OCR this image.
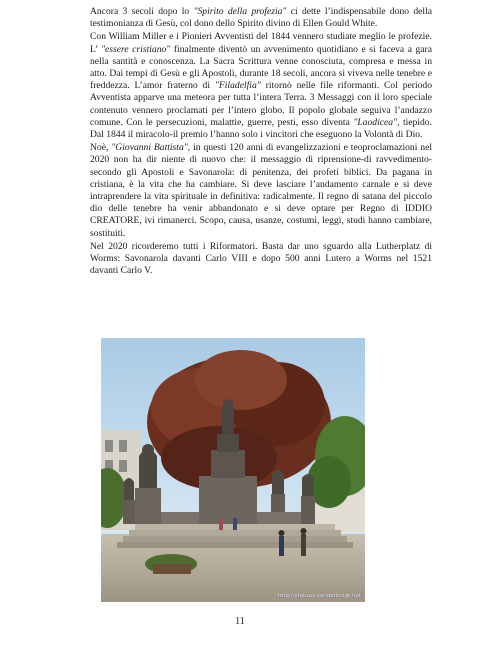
Ancora 3 secoli dopo lo "Spirito della profezia" ci dette l’indispensabile dono della testimonianza di Gesù, col dono dello Spirito divino di Ellen Gould White.

Con William Miller e i Pionieri Avventisti del 1844 vennero studiate meglio le profezie. L’ "essere cristiano" finalmente diventò un avvenimento quotidiano e si faceva a gara nella santità e conoscenza. La Sacra Scrittura venne conosciuta, compresa e messa in atto. Dai tempi di Gesù e gli Apostoli, durante 18 secoli, ancora si viveva nelle tenebre e freddezza. L’amor fraterno di "Filadelfia" ritornò nelle file riformanti. Col periodo Avventista apparve una meteora per tutta l’intera Terra. 3 Messaggi con il loro speciale contenuto vennero proclamati per l’intero globo. Il popolo globale seguiva l’andazzo comune. Con le persecuzioni, malattie, guerre, pesti, esso diventa "Laodicea", tiepido. Dal 1844 il miracolo-il premio l’hanno solo i vincitori che eseguono la Volontà di Dio.

Noè, "Giovanni Battista", in questi 120 anni di evangelizzazioni e teoproclamazioni nel 2020 non ha dir niente di nuovo che: il messaggio di riprensione-di ravvedimento-secondo gli Apostoli e Savonarola: di penitenza, dei profeti biblici. Da pagana in cristiana, è la vita che ha cambiare. Si deve lasciare l’andamento carnale e si deve intraprendere la vita spirituale in definitiva: radicalmente. Il regno di satana del piccolo dio delle tenebre ha venir abbandonato e si deve optare per Regno di IDDIO CREATORE, ivi rimanerci. Scopo, causa, usanze, costumi, leggi, studi hanno cambiare, sostituiti.

Nel 2020 ricorderemo tutti i Riformatori. Basta dar uno sguardo alla Lutherplatz di Worms: Savonarola davanti Carlo VIII e dopo 500 anni Lutero a Worms nel 1521 davanti Carlo V.

http://statues.vanderkrogt.net
11
